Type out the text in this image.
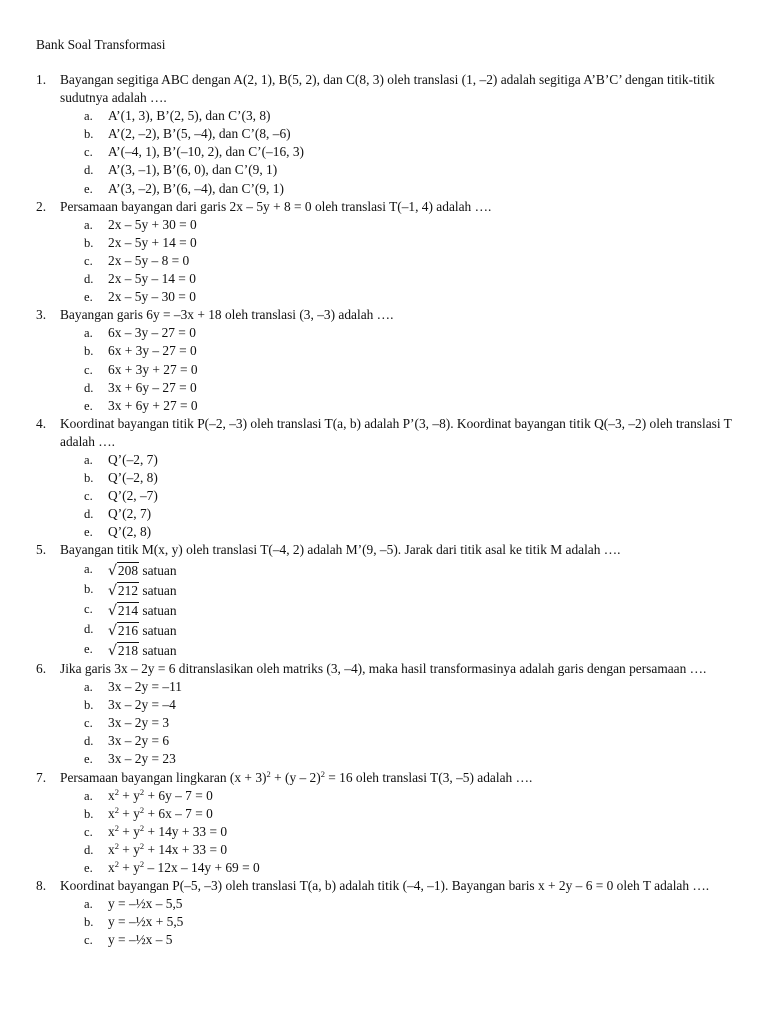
Bank Soal Transformasi
1.	Bayangan segitiga ABC dengan A(2, 1), B(5, 2), dan C(8, 3) oleh translasi (1, –2) adalah segitiga A’B’C’ dengan titik-titik sudutnya adalah ….
a.	A’(1, 3), B’(2, 5), dan C’(3, 8)
b.	A’(2, –2), B’(5, –4), dan C’(8, –6)
c.	A’(–4, 1), B’(–10, 2), dan C’(–16, 3)
d.	A’(3, –1), B’(6, 0), dan C’(9, 1)
e.	A’(3, –2), B’(6, –4), dan C’(9, 1)
2.	Persamaan bayangan dari garis 2x – 5y + 8 = 0 oleh translasi T(–1, 4) adalah ….
a.	2x – 5y + 30 = 0
b.	2x – 5y + 14 = 0
c.	2x – 5y – 8 = 0
d.	2x – 5y – 14 = 0
e.	2x – 5y – 30 = 0
3.	Bayangan garis 6y = –3x + 18 oleh translasi (3, –3) adalah ….
a.	6x – 3y – 27 = 0
b.	6x + 3y – 27 = 0
c.	6x + 3y + 27 = 0
d.	3x + 6y – 27 = 0
e.	3x + 6y + 27 = 0
4.	Koordinat bayangan titik P(–2, –3) oleh translasi T(a, b) adalah P’(3, –8). Koordinat bayangan titik Q(–3, –2) oleh translasi T adalah ….
a.	Q’(–2, 7)
b.	Q’(–2, 8)
c.	Q’(2, –7)
d.	Q’(2, 7)
e.	Q’(2, 8)
5.	Bayangan titik M(x, y) oleh translasi T(–4, 2) adalah M’(9, –5). Jarak dari titik asal ke titik M adalah ….
a.	√ 208 satuan
b.	√ 212 satuan
c.	√ 214 satuan
d.	√ 216 satuan
e.	√ 218 satuan
6.	Jika garis 3x – 2y = 6 ditranslasikan oleh matriks (3, –4), maka hasil transformasinya adalah garis dengan persamaan ….
a.	3x – 2y = –11
b.	3x – 2y = –4
c.	3x – 2y = 3
d.	3x – 2y = 6
e.	3x – 2y = 23
7.	Persamaan bayangan lingkaran $(x + 3)^2 + (y - 2)^2 = 16$ oleh translasi T(3, –5) adalah ….
a.	$x^2 + y^2 + 6y - 7 = 0$
b.	$x^2 + y^2 + 6x - 7 = 0$
c.	$x^2 + y^2 + 14y + 33 = 0$
d.	$x^2 + y^2 + 14x + 33 = 0$
e.	$x^2 + y^2 - 12x - 14y + 69 = 0$
8.	Koordinat bayangan P(–5, –3) oleh translasi T(a, b) adalah titik (–4, –1). Bayangan baris x + 2y – 6 = 0 oleh T adalah ….
a.	y = –½x – 5,5
b.	y = –½x + 5,5
c.	y = –½x – 5
